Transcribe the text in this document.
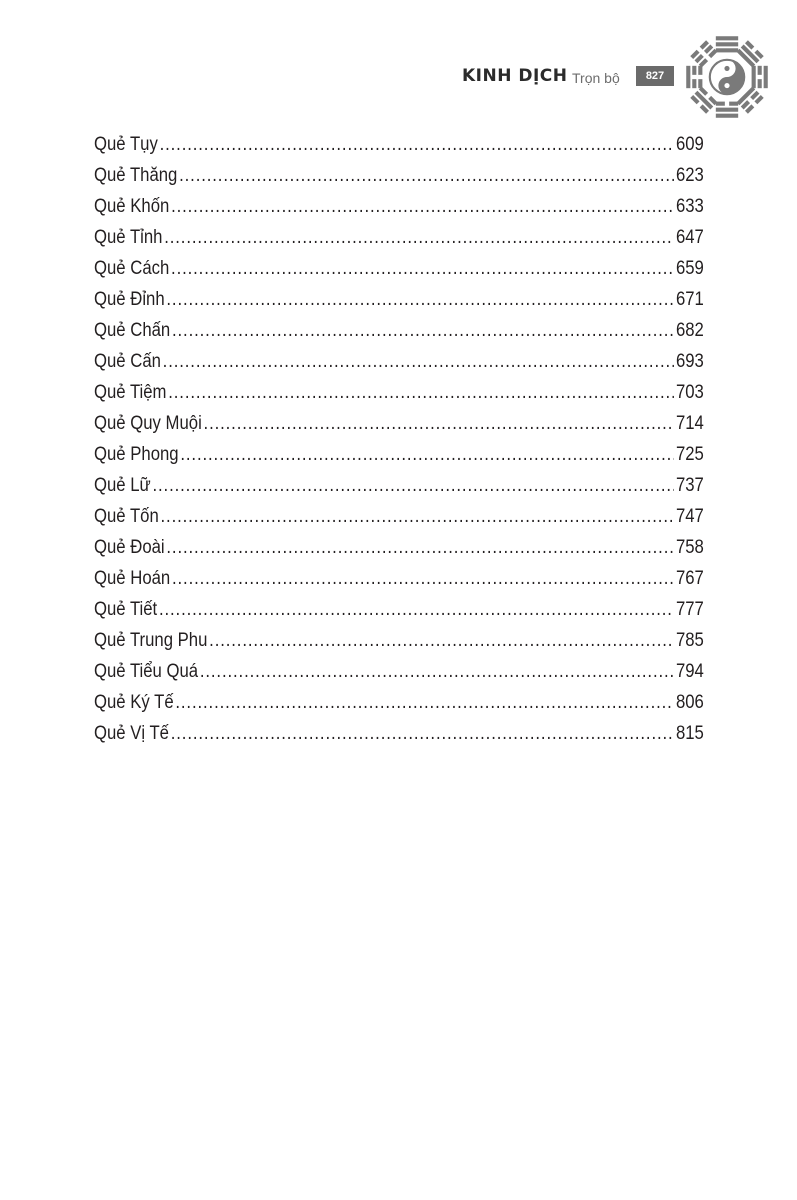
KINH DỊCH Trọn bộ	827
Quẻ Tụy .....	609
Quẻ Thăng .....	623
Quẻ Khốn .....	633
Quẻ Tỉnh .....	647
Quẻ Cách .....	659
Quẻ Đỉnh .....	671
Quẻ Chấn .....	682
Quẻ Cấn .....	693
Quẻ Tiệm .....	703
Quẻ Quy Muội .....	714
Quẻ Phong .....	725
Quẻ Lữ .....	737
Quẻ Tốn .....	747
Quẻ Đoài .....	758
Quẻ Hoán .....	767
Quẻ Tiết .....	777
Quẻ Trung Phu .....	785
Quẻ Tiểu Quá .....	794
Quẻ Ký Tế .....	806
Quẻ Vị Tế .....	815
